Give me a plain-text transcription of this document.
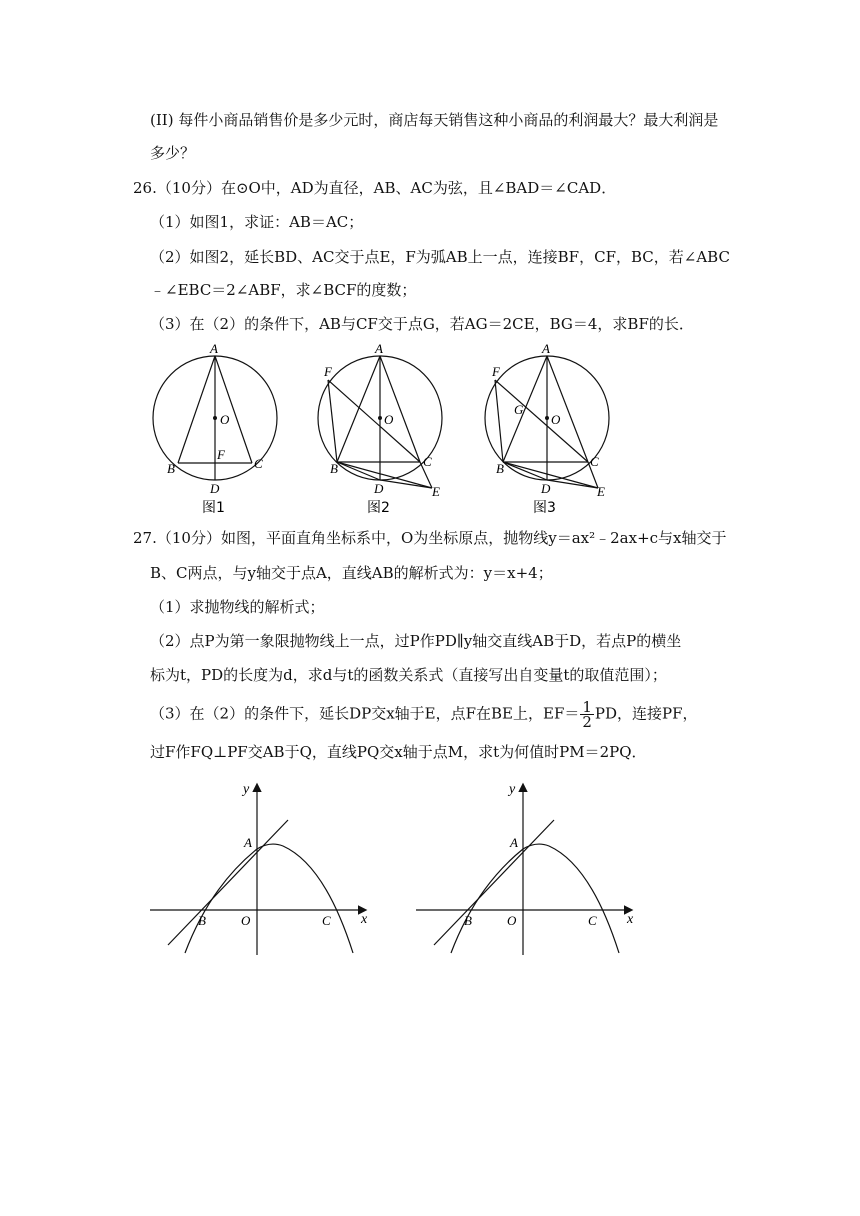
(II) 每件小商品销售价是多少元时，商店每天销售这种小商品的利润最大？最大利润是
多少？
26.（10分）在⊙O中，AD为直径，AB、AC为弦，且∠BAD＝∠CAD．
（1）如图1，求证：AB＝AC；
（2）如图2，延长BD、AC交于点E，F为弧AB上一点，连接BF，CF，BC，若∠ABC
﹣∠EBC＝2∠ABF，求∠BCF的度数；
（3）在（2）的条件下，AB与CF交于点G，若AG＝2CE，BG＝4，求BF的长．
A
O
B	C
F
D
图1
A
O
F
B	C
D	E
图2
A
O
F
G
B	C
D	E
图3
27.（10分）如图，平面直角坐标系中，O为坐标原点，抛物线y＝ax²﹣2ax+c与x轴交于
B、C两点，与y轴交于点A，直线AB的解析式为：y＝x+4；
（1）求抛物线的解析式；
（2）点P为第一象限抛物线上一点，过P作PD∥y轴交直线AB于D，若点P的横坐
标为t，PD的长度为d，求d与t的函数关系式（直接写出自变量t的取值范围）；
（3）在（2）的条件下，延长DP交x轴于E，点F在BE上，$EF= \frac{1}{2}$ PD，连接PF，
过F作FQ⊥PF交AB于Q，直线PQ交x轴于点M，求t为何值时PM＝2PQ．
y
x
A
B	O	C
y
x
A
B	O	C
